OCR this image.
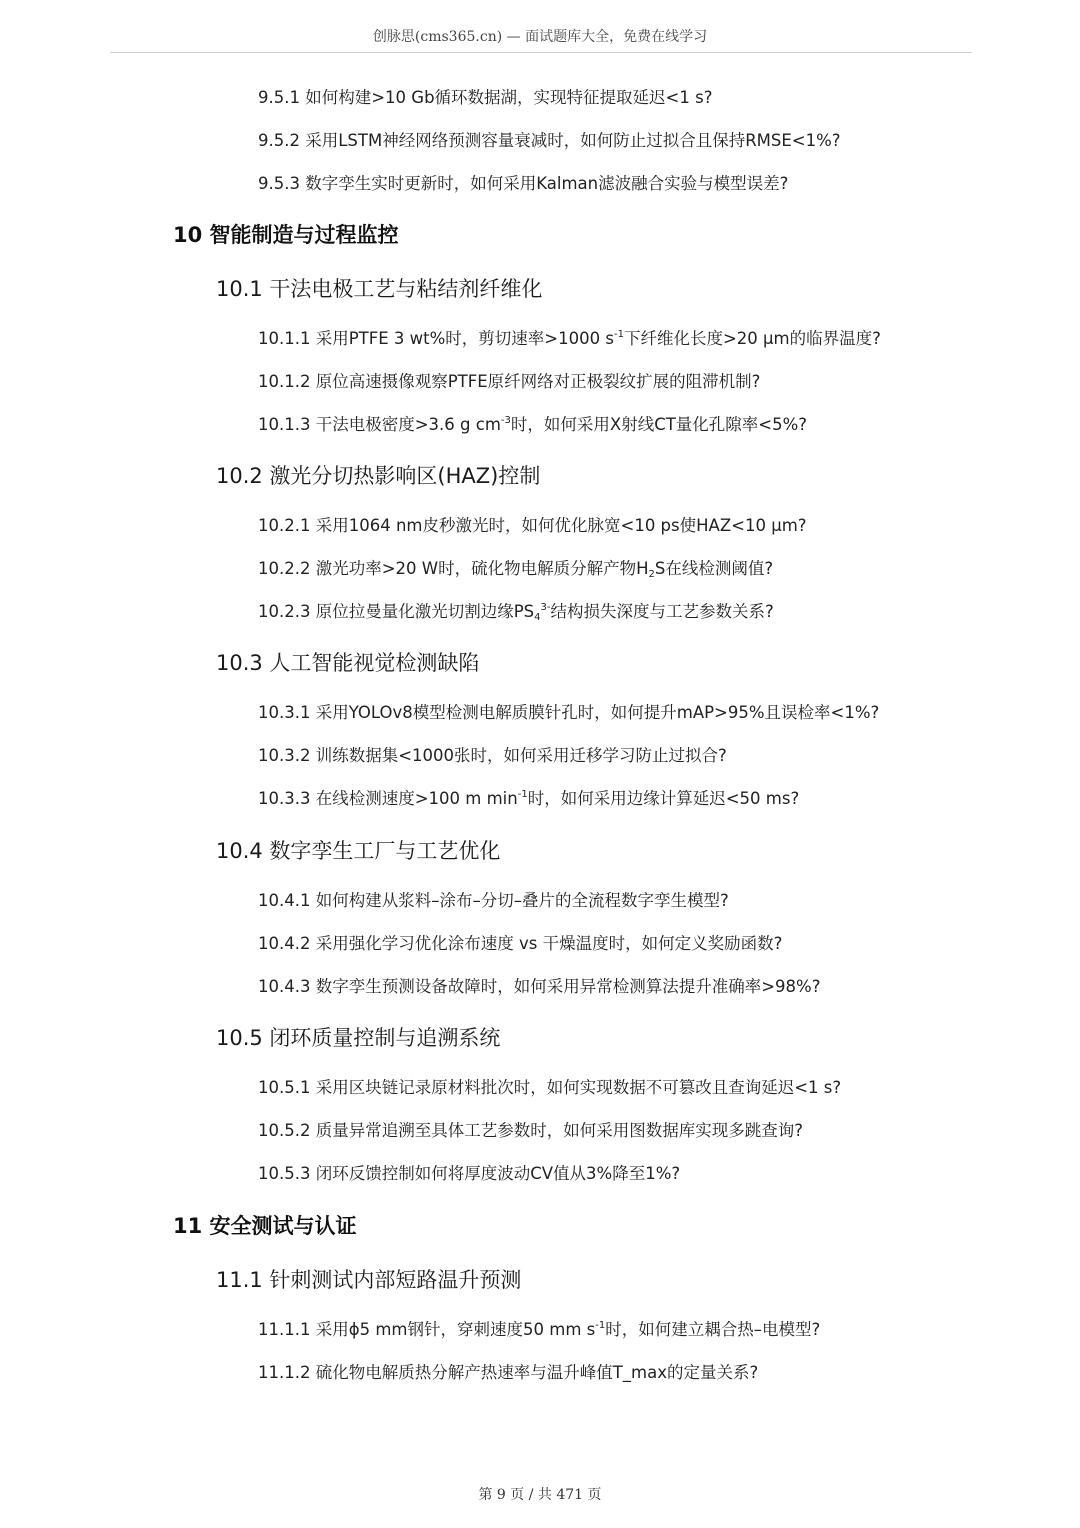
创脉思(cms365.cn) — 面试题库大全，免费在线学习
9.5.1 如何构建>10 Gb循环数据湖，实现特征提取延迟<1 s?
9.5.2 采用LSTM神经网络预测容量衰减时，如何防止过拟合且保持RMSE<1%?
9.5.3 数字孪生实时更新时，如何采用Kalman滤波融合实验与模型误差?
10 智能制造与过程监控
10.1 干法电极工艺与粘结剂纤维化
10.1.1 采用PTFE 3 wt%时，剪切速率>1000 $s^{-1}$下纤维化长度>20 μm的临界温度?
10.1.2 原位高速摄像观察PTFE原纤网络对正极裂纹扩展的阻滞机制?
10.1.3 干法电极密度>3.6 g $cm^{-3}$时，如何采用X射线CT量化孔隙率<5%?
10.2 激光分切热影响区(HAZ)控制
10.2.1 采用1064 nm皮秒激光时，如何优化脉宽<10 ps使HAZ<10 μm?
10.2.2 激光功率>20 W时，硫化物电解质分解产物$H_2S$在线检测阈值?
10.2.3 原位拉曼量化激光切割边缘$PS_4^{3-}$结构损失深度与工艺参数关系?
10.3 人工智能视觉检测缺陷
10.3.1 采用YOLOv8模型检测电解质膜针孔时，如何提升mAP>95%且误检率<1%?
10.3.2 训练数据集<1000张时，如何采用迁移学习防止过拟合?
10.3.3 在线检测速度>100 m $\min^{-1}$时，如何采用边缘计算延迟<50 ms?
10.4 数字孪生工厂与工艺优化
10.4.1 如何构建从浆料–涂布–分切–叠片的全流程数字孪生模型?
10.4.2 采用强化学习优化涂布速度 vs 干燥温度时，如何定义奖励函数?
10.4.3 数字孪生预测设备故障时，如何采用异常检测算法提升准确率>98%?
10.5 闭环质量控制与追溯系统
10.5.1 采用区块链记录原材料批次时，如何实现数据不可篡改且查询延迟<1 s?
10.5.2 质量异常追溯至具体工艺参数时，如何采用图数据库实现多跳查询?
10.5.3 闭环反馈控制如何将厚度波动CV值从3%降至1%?
11 安全测试与认证
11.1 针刺测试内部短路温升预测
11.1.1 采用ϕ5 mm钢针，穿刺速度50 mm $s^{-1}$时，如何建立耦合热–电模型?
11.1.2 硫化物电解质热分解产热速率与温升峰值T_max的定量关系?
第 9 页 / 共 471 页
